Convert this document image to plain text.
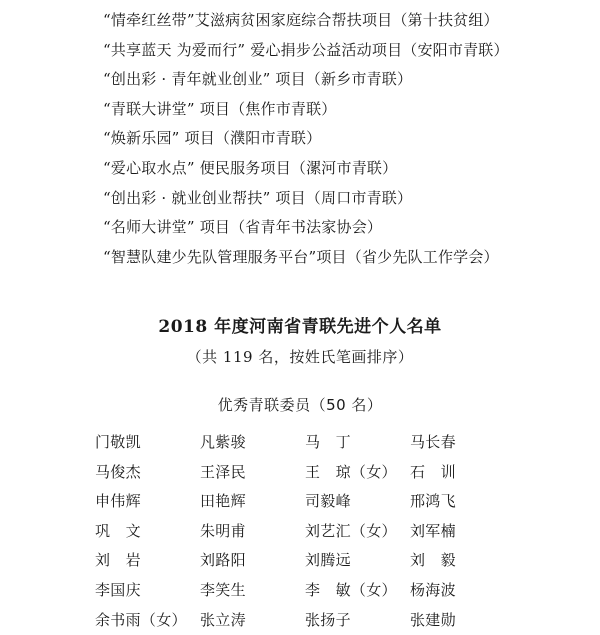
“情牵红丝带”艾滋病贫困家庭综合帮扶项目（第十扶贫组）
“共享蓝天 为爱而行” 爱心捐步公益活动项目（安阳市青联）
“创出彩 · 青年就业创业” 项目（新乡市青联）
“青联大讲堂” 项目（焦作市青联）
“焕新乐园” 项目（濮阳市青联）
“爱心取水点” 便民服务项目（漯河市青联）
“创出彩 · 就业创业帮扶” 项目（周口市青联）
“名师大讲堂” 项目（省青年书法家协会）
“智慧队建少先队管理服务平台”项目（省少先队工作学会）
2018 年度河南省青联先进个人名单
（共 119 名，按姓氏笔画排序）
优秀青联委员（50 名）
门敬凯	凡紫骏	马　丁	马长春
马俊杰	王泽民	王　琼（女） 石　训
申伟辉	田艳辉	司毅峰	邢鸿飞
巩　文	朱明甫	刘艺汇（女） 刘军楠
刘　岩	刘路阳	刘腾远	刘　毅
李国庆	李笑生	李　敏（女） 杨海波
余书雨（女） 张立涛	张扬子	张建勋
